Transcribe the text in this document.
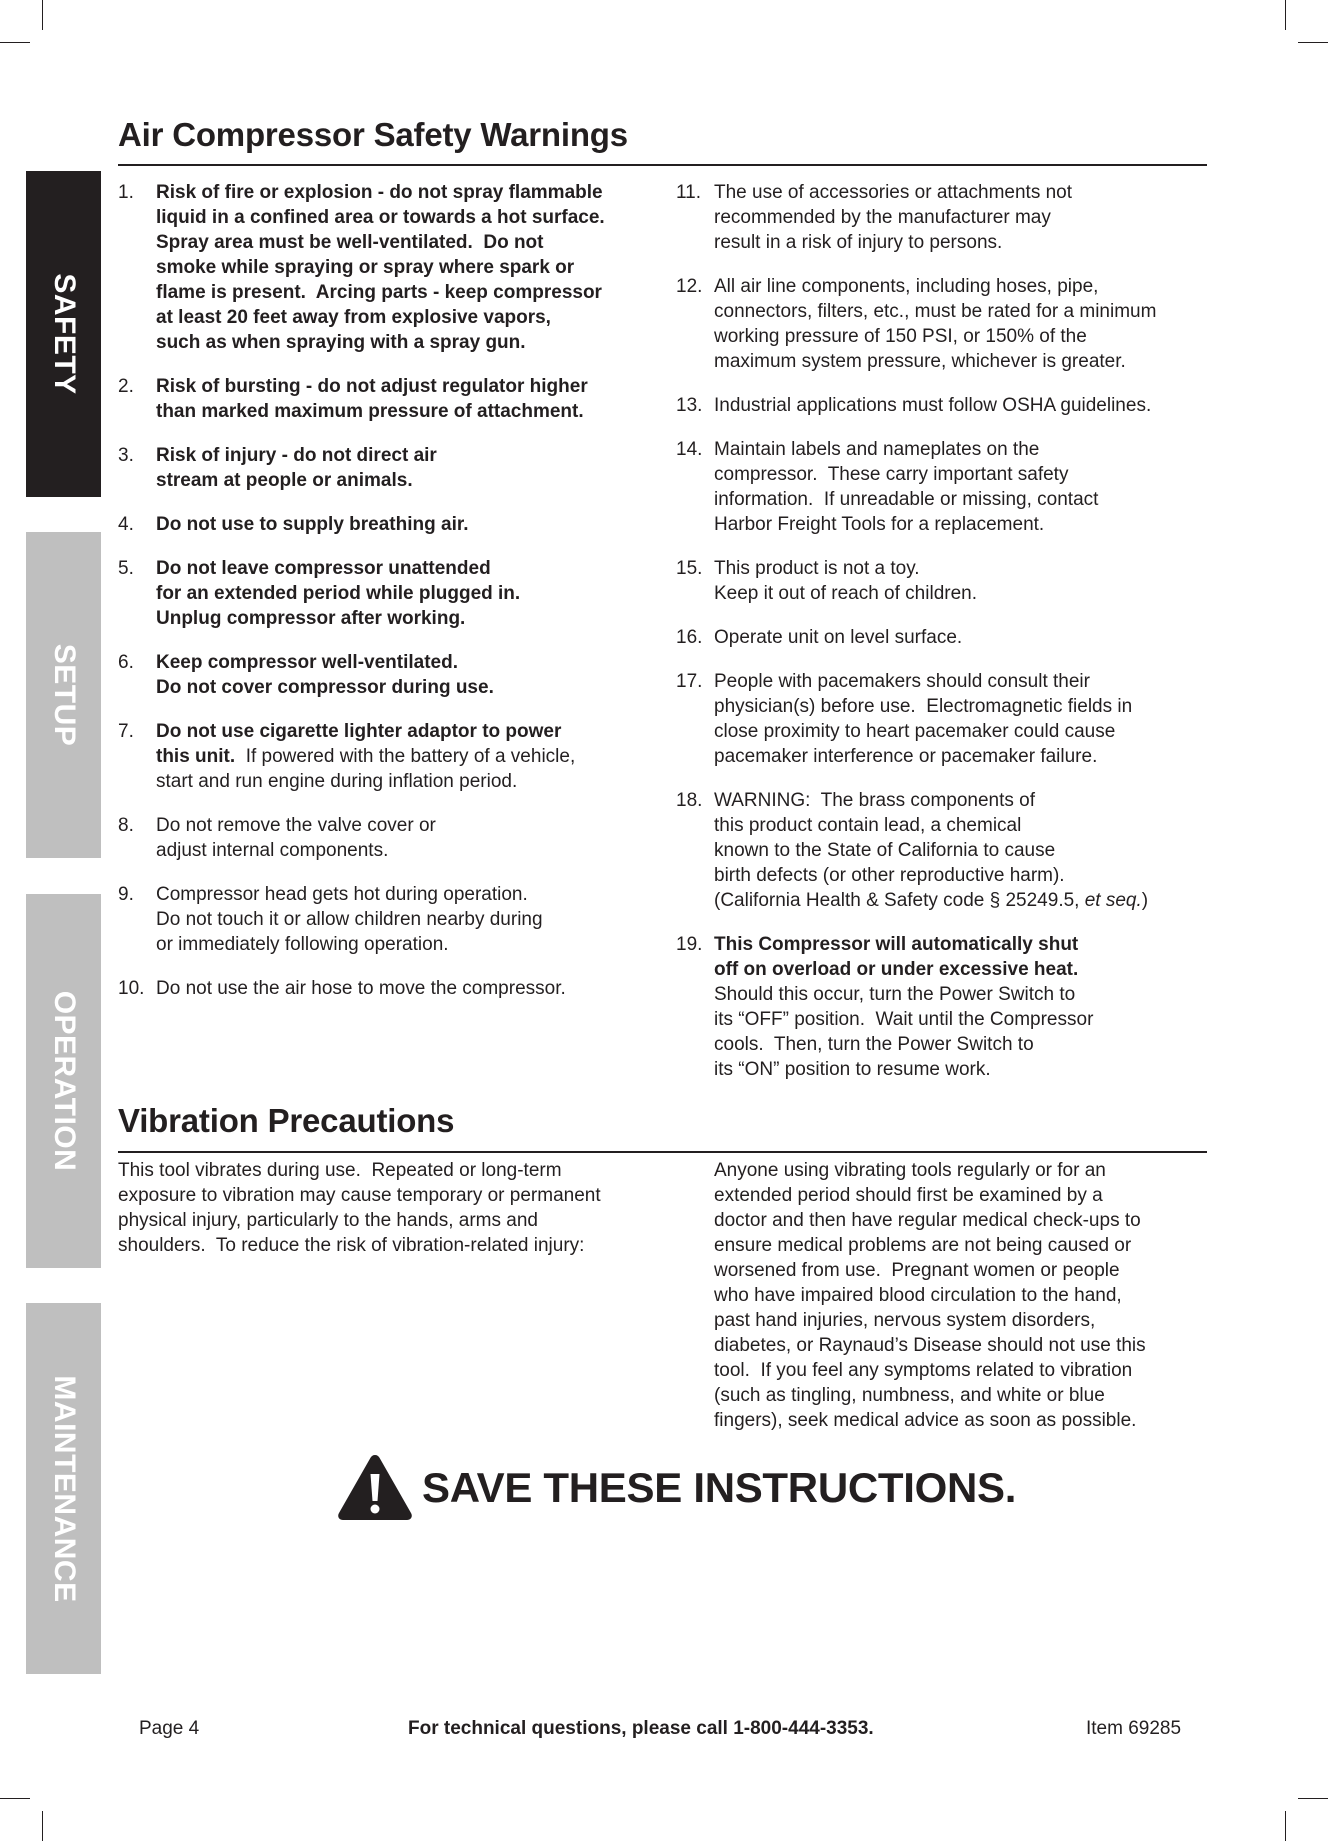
SAFETY
SETUP
OPERATION
MAINTENANCE
Air Compressor Safety Warnings
1. Risk of fire or explosion - do not spray flammable
liquid in a confined area or towards a hot surface.
Spray area must be well-ventilated.  Do not
smoke while spraying or spray where spark or
flame is present.  Arcing parts - keep compressor
at least 20 feet away from explosive vapors,
such as when spraying with a spray gun.
2. Risk of bursting - do not adjust regulator higher
than marked maximum pressure of attachment.
3. Risk of injury - do not direct air
stream at people or animals.
4. Do not use to supply breathing air.
5. Do not leave compressor unattended
for an extended period while plugged in.
Unplug compressor after working.
6. Keep compressor well-ventilated.
Do not cover compressor during use.
7. Do not use cigarette lighter adaptor to power
this unit.  If powered with the battery of a vehicle,
start and run engine during inflation period.
8. Do not remove the valve cover or
adjust internal components.
9. Compressor head gets hot during operation.
Do not touch it or allow children nearby during
or immediately following operation.
10. Do not use the air hose to move the compressor.
11. The use of accessories or attachments not
recommended by the manufacturer may
result in a risk of injury to persons.
12. All air line components, including hoses, pipe,
connectors, filters, etc., must be rated for a minimum
working pressure of 150 PSI, or 150% of the
maximum system pressure, whichever is greater.
13. Industrial applications must follow OSHA guidelines.
14. Maintain labels and nameplates on the
compressor.  These carry important safety
information.  If unreadable or missing, contact
Harbor Freight Tools for a replacement.
15. This product is not a toy.
Keep it out of reach of children.
16. Operate unit on level surface.
17. People with pacemakers should consult their
physician(s) before use.  Electromagnetic fields in
close proximity to heart pacemaker could cause
pacemaker interference or pacemaker failure.
18. WARNING:  The brass components of
this product contain lead, a chemical
known to the State of California to cause
birth defects (or other reproductive harm).
(California Health & Safety code § 25249.5, et seq.)
19. This Compressor will automatically shut
off on overload or under excessive heat.
Should this occur, turn the Power Switch to
its “OFF” position.  Wait until the Compressor
cools.  Then, turn the Power Switch to
its “ON” position to resume work.
Vibration Precautions
This tool vibrates during use.  Repeated or long-term
exposure to vibration may cause temporary or permanent
physical injury, particularly to the hands, arms and
shoulders.  To reduce the risk of vibration-related injury:
Anyone using vibrating tools regularly or for an
extended period should first be examined by a
doctor and then have regular medical check-ups to
ensure medical problems are not being caused or
worsened from use.  Pregnant women or people
who have impaired blood circulation to the hand,
past hand injuries, nervous system disorders,
diabetes, or Raynaud’s Disease should not use this
tool.  If you feel any symptoms related to vibration
(such as tingling, numbness, and white or blue
fingers), seek medical advice as soon as possible.
SAVE THESE INSTRUCTIONS.
Page 4	For technical questions, please call 1-800-444-3353.	Item 69285
